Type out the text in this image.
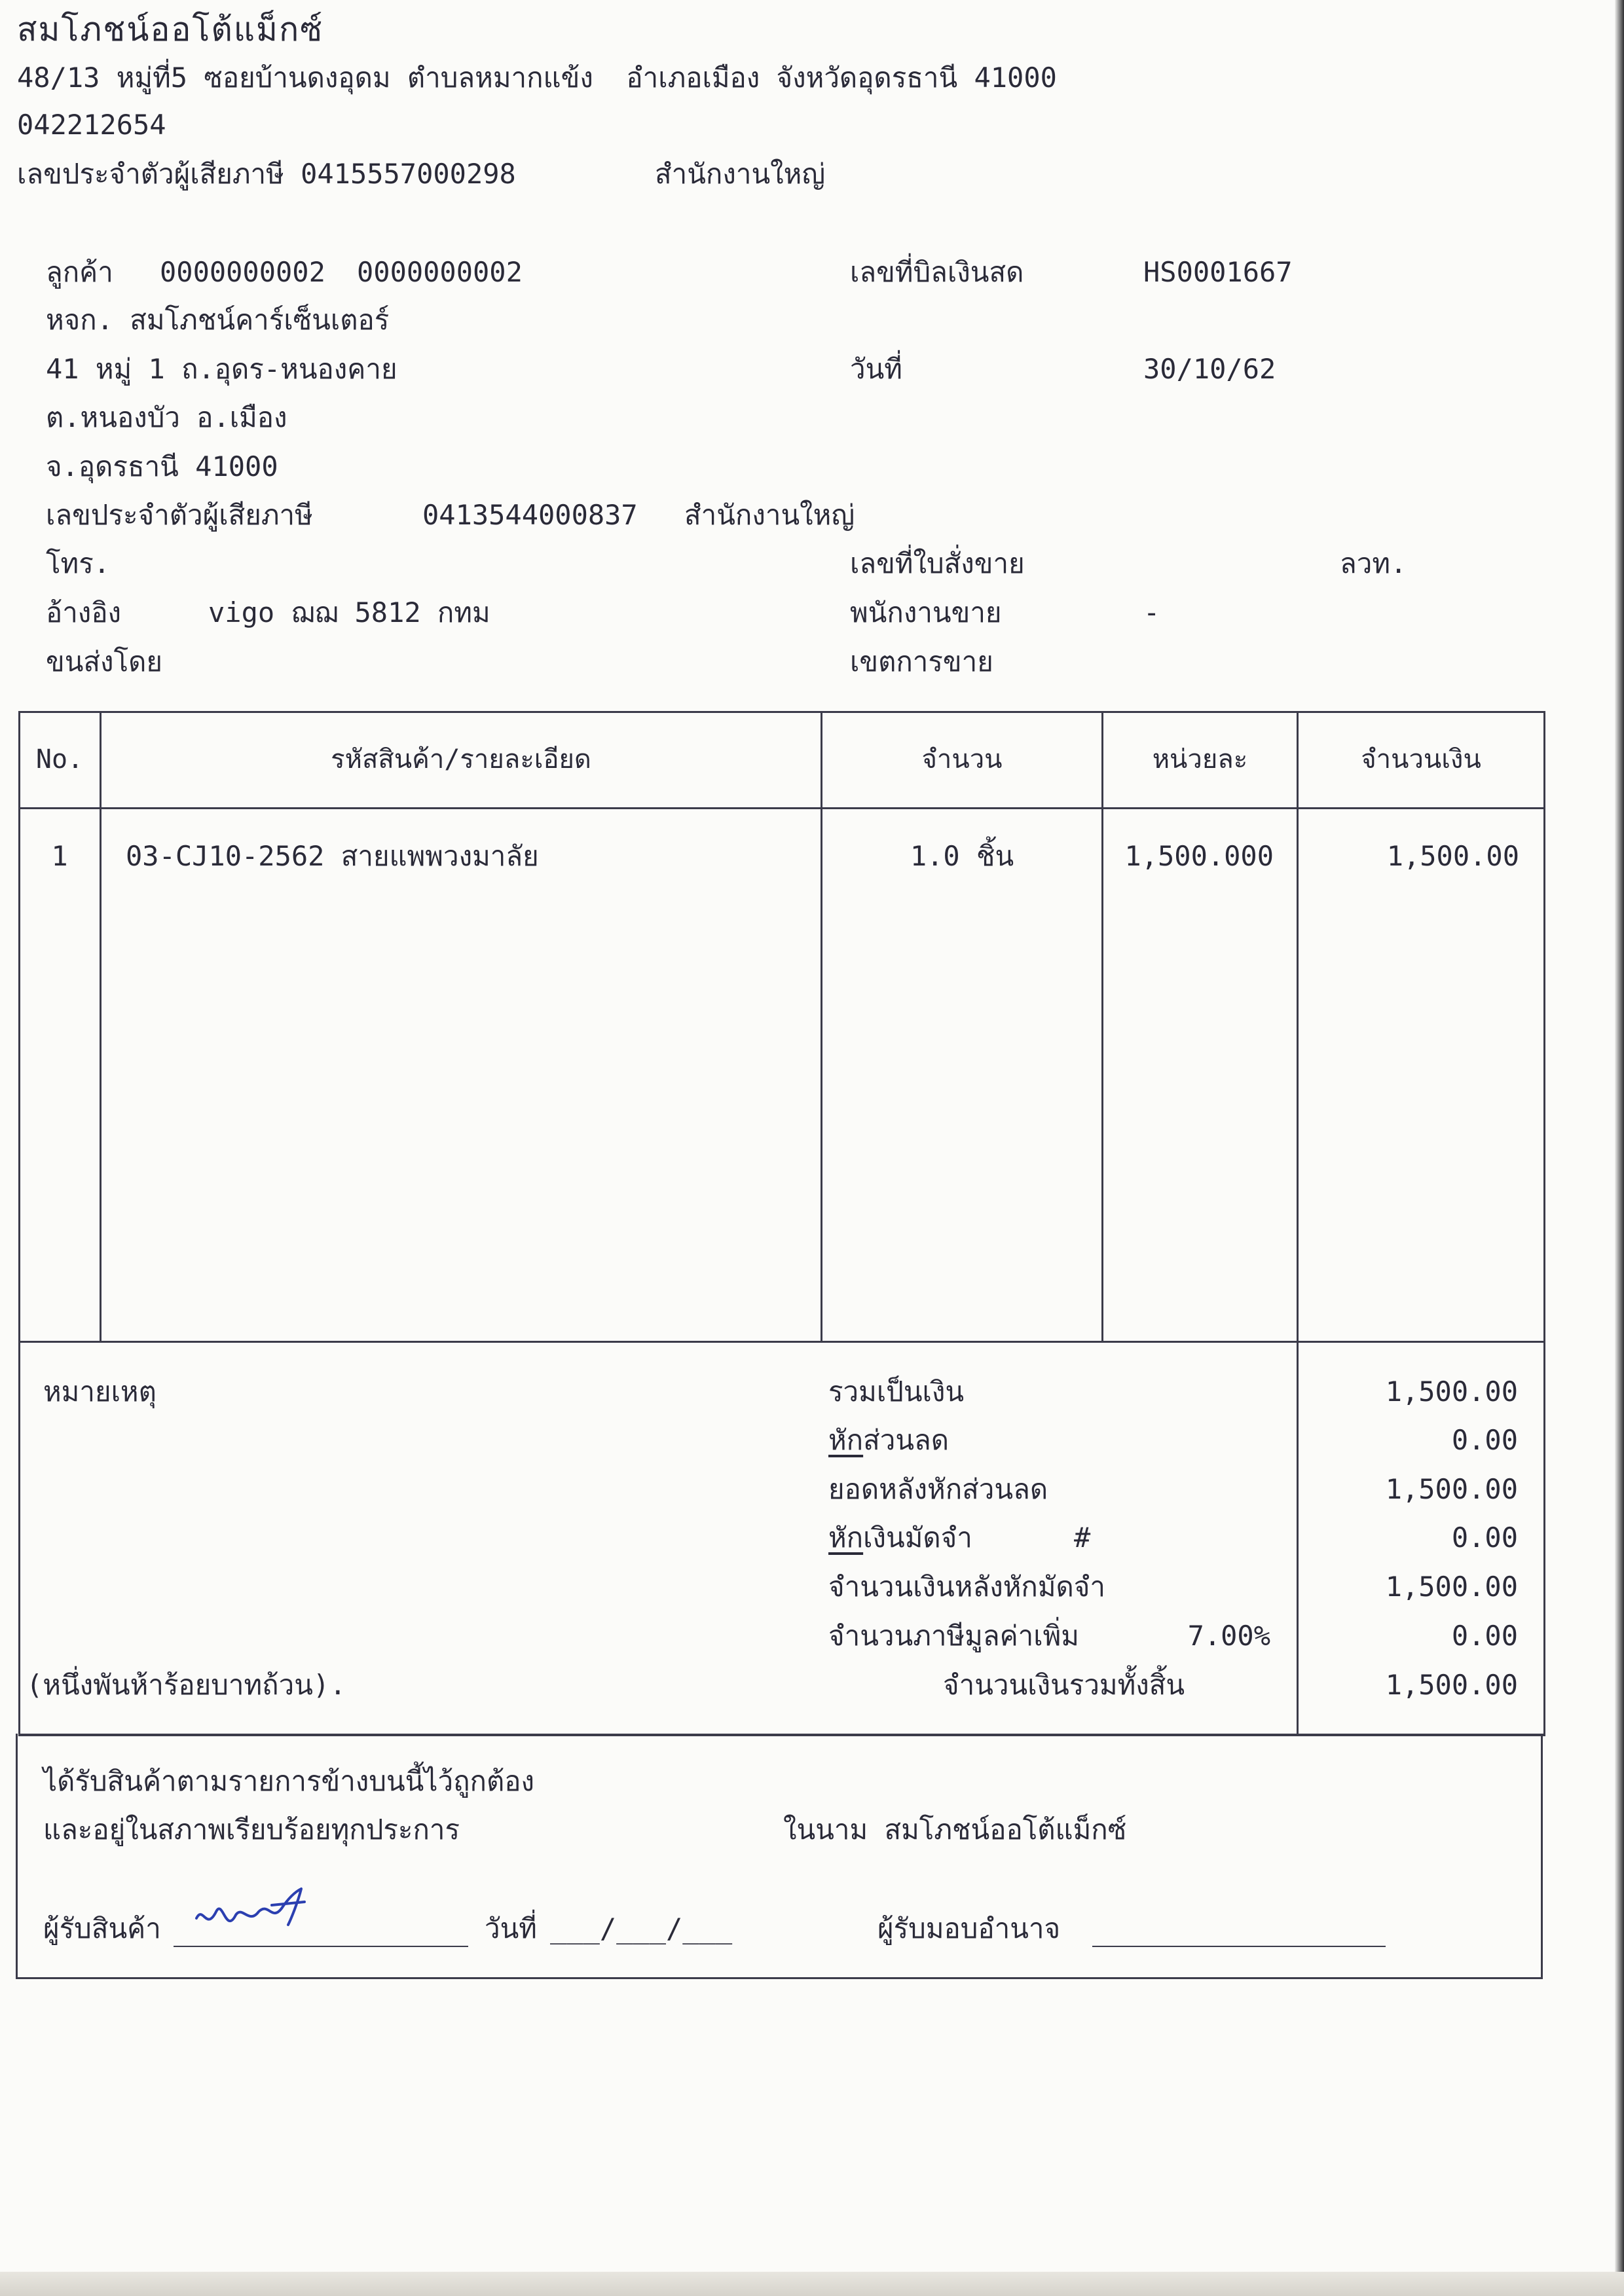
สมโภชน์ออโต้แม็กซ์
48/13 หมู่ที่5 ซอยบ้านดงอุดม ตำบลหมากแข้ง  อำเภอเมือง จังหวัดอุดรธานี 41000
042212654
เลขประจำตัวผู้เสียภาษี 0415557000298	สำนักงานใหญ่
ลูกค้า 0000000002 0000000002
หจก. สมโภชน์คาร์เซ็นเตอร์
41 หมู่ 1 ถ.อุดร-หนองคาย
ต.หนองบัว อ.เมือง
จ.อุดรธานี 41000
เลขประจำตัวผู้เสียภาษี	0413544000837 สำนักงานใหญ่
โทร.
อ้างอิง	vigo ฌฌ 5812 กทม
ขนส่งโดย
เลขที่บิลเงินสด	HS0001667
วันที่	30/10/62
เลขที่ใบสั่งขาย	ลวท.
พนักงานขาย	-
เขตการขาย
No.	รหัสสินค้า/รายละเอียด	จำนวน	หน่วยละ	จำนวนเงิน
1	03-CJ10-2562 สายแพพวงมาลัย	1.0 ชิ้น	1,500.000	1,500.00
หมายเหตุ
(หนึ่งพันห้าร้อยบาทถ้วน).
รวมเป็นเงิน	1,500.00
หักส่วนลด	0.00
ยอดหลังหักส่วนลด	1,500.00
หักเงินมัดจำ	#	0.00
จำนวนเงินหลังหักมัดจำ	1,500.00
จำนวนภาษีมูลค่าเพิ่ม	7.00%	0.00
จำนวนเงินรวมทั้งสิ้น	1,500.00
ได้รับสินค้าตามรายการข้างบนนี้ไว้ถูกต้อง
และอยู่ในสภาพเรียบร้อยทุกประการ	ในนาม สมโภชน์ออโต้แม็กซ์
ผู้รับสินค้า	วันที่ ___/___/___	ผู้รับมอบอำนาจ
